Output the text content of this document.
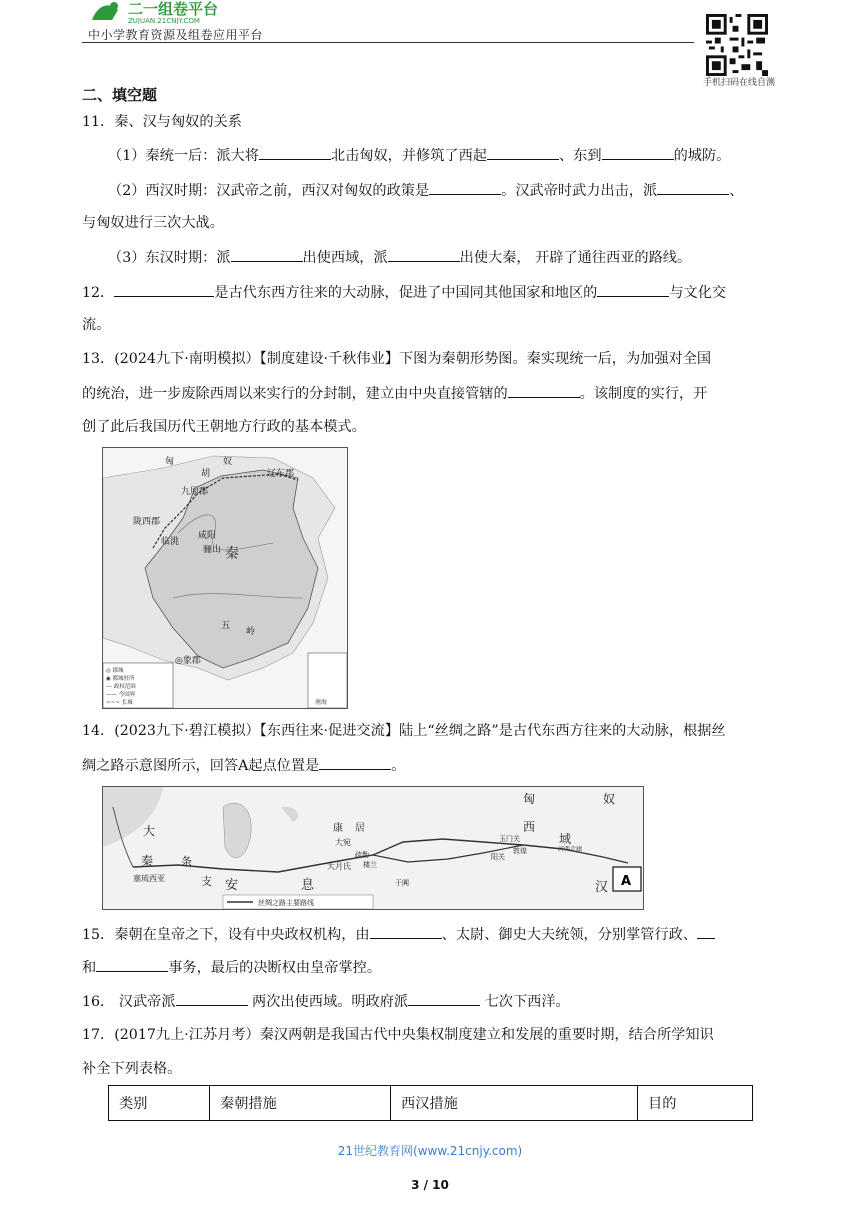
二一组卷平台
ZUJUAN.21CNJY.COM
中小学教育资源及组卷应用平台
手机扫码在线自测
二、填空题
11．秦、汉与匈奴的关系
（1）秦统一后：派大将	北击匈奴，并修筑了西起	、东到	的城防。
（2）西汉时期：汉武帝之前，西汉对匈奴的政策是	。汉武帝时武力出击，派	、
与匈奴进行三次大战。
（3）东汉时期：派	出使西域，派	出使大秦， 开辟了通往西亚的路线。
12．	是古代东西方往来的大动脉，促进了中国同其他国家和地区的	与文化交
流。
13．(2024九下·南明模拟）【制度建设·千秋伟业】下图为秦朝形势图。秦实现统一后，为加强对全国
的统治，进一步废除西周以来实行的分封制，建立由中央直接管辖的	。该制度的实行，开
创了此后我国历代王朝地方行政的基本模式。
匈	奴
胡	辽东郡
九原郡
陇西郡
临洮
咸阳
骊山 秦
五
岭
◎象郡
南海
◎ 郡城
◉ 都城驻所
--- 政权范围
—— 今国界
~~~ 长城
14．(2023九下·碧江模拟）【东西往来·促进交流】陆上“丝绸之路”是古代东西方往来的大动脉，根据丝
绸之路示意图所示，回答A起点位置是	。
A
丝绸之路主要路线
匈	奴
大
秦	条
支
塞琉西亚	安	息
康 居
大宛
大月氏
疏勒
楼兰
于阗
玉门关
敦煌
阳关
西
域
河西走廊
汉
15．秦朝在皇帝之下，设有中央政权机构，由	、太尉、御史大夫统领，分别掌管行政、
和	事务，最后的决断权由皇帝掌控。
16． 汉武帝派	两次出使西域。明政府派	七次下西洋。
17．(2017九上·江苏月考）秦汉两朝是我国古代中央集权制度建立和发展的重要时期，结合所学知识
补全下列表格。
类别	秦朝措施	西汉措施	目的
21世纪教育网(www.21cnjy.com)
3 / 10
